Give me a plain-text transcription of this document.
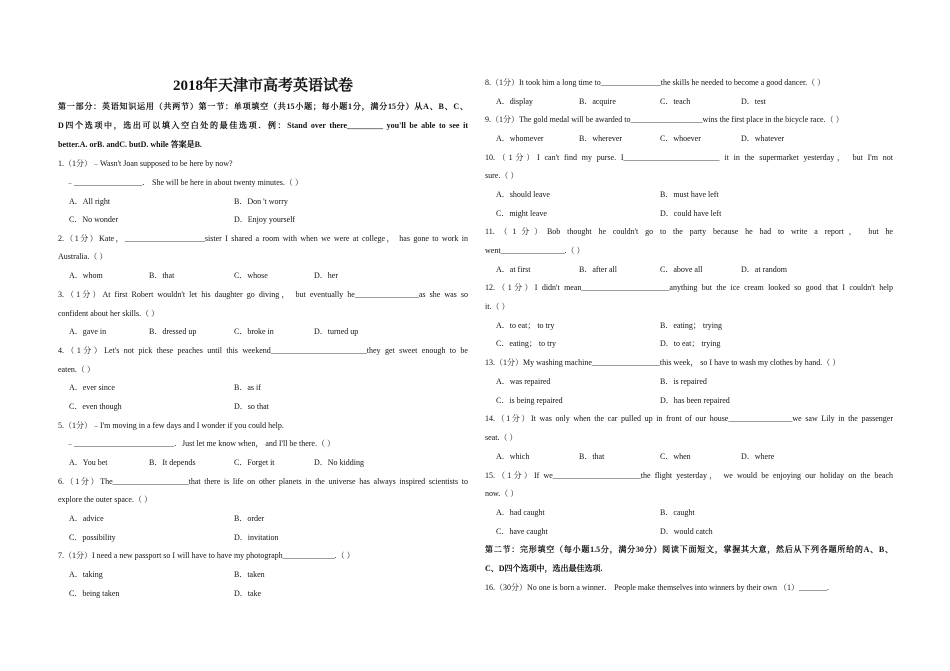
2018年天津市高考英语试卷
第一部分：英语知识运用（共两节）第一节：单项填空（共15小题；每小题1分，满分15分）从A、B、C、
D四个选项中，选出可以填入空白处的最佳选项．例：Stand over there_________ you'll be able to see it
better.A. orB. andC. butD. while 答案是B.
1.（1分）﹣Wasn't Joan supposed to be here by now?
﹣_________________． She will be here in about twenty minutes.（ ）
A．All right	B．Don 't worry
C．No wonder	D．Enjoy yourself
2.（1分）Kate，____________________sister I shared a room with when we were at college， has gone to work in
Australia.（ ）
A．whom	B．that	C．whose	D．her
3.（1分）At first Robert wouldn't let his daughter go diving， but eventually he________________as she was so
confident about her skills.（ ）
A．gave in	B．dressed up	C．broke in	D．turned up
4.（1分）Let's not pick these peaches until this weekend________________________they get sweet enough to be
eaten.（ ）
A．ever since	B．as if
C．even though	D．so that
5.（1分）﹣I'm moving in a few days and I wonder if you could help.
﹣_________________________．Just let me know when， and I'll be there.（ ）
A．You bet	B．It depends	C．Forget it	D．No kidding
6.（1分）The___________________that there is life on other planets in the universe has always inspired scientists to
explore the outer space.（ ）
A．advice	B．order
C．possibility	D．invitation
7.（1分）I need a new passport so I will have to have my photograph_____________.（ ）
A．taking	B．taken
C．being taken	D．take
8.（1分）It took him a long time to_______________the skills he needed to become a good dancer.（ ）
A．display	B．acquire	C．teach	D．test
9.（1分）The gold medal will be awarded to__________________wins the first place in the bicycle race.（ ）
A．whomever	B．wherever	C．whoever	D．whatever
10.（1分）I can't find my purse. I________________________ it in the supermarket yesterday， but I'm not
sure.（ ）
A．should leave	B．must have left
C．might leave	D．could have left
11.（1分）Bob thought he couldn't go to the party because he had to write a report， but he
went________________.（ ）
A．at first	B．after all	C．above all	D．at random
12.（1分）I didn't mean______________________anything but the ice cream looked so good that I couldn't help
it.（ ）
A．to eat； to try	B．eating； trying
C．eating； to try	D．to eat； trying
13.（1分）My washing machine_________________this week， so I have to wash my clothes by hand.（ ）
A．was repaired	B．is repaired
C．is being repaired	D．has been repaired
14.（1分）It was only when the car pulled up in front of our house________________we saw Lily in the passenger
seat.（ ）
A．which	B．that	C．when	D．where
15.（1分）If we______________________the flight yesterday， we would be enjoying our holiday on the beach
now.（ ）
A．had caught	B．caught
C．have caught	D．would catch
第二节：完形填空（每小题1.5分，满分30分）阅读下面短文，掌握其大意，然后从下列各题所给的A、B、
C、D四个选项中，选出最佳选项.
16.（30分）No one is born a winner． People make themselves into winners by their own （1）_______.
